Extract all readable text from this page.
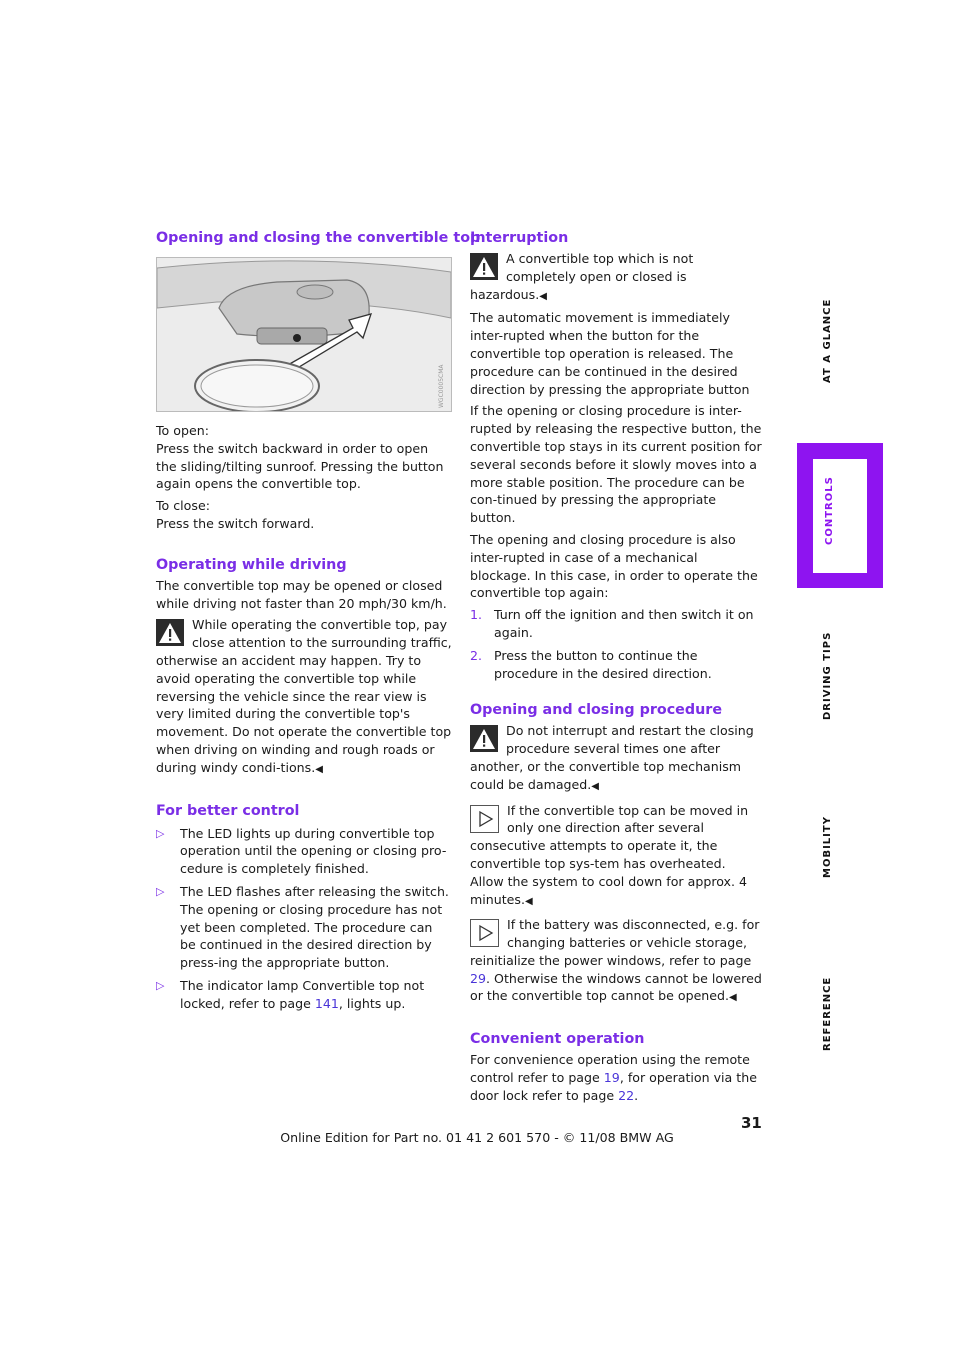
Opening and closing the convertible top
WGC0005CMA

To open:

Press the switch backward in order to open the sliding/tilting sunroof. Pressing the button again opens the convertible top.

To close:

Press the switch forward.

Operating while driving

The convertible top may be opened or closed while driving not faster than 20 mph/30 km/h.

While operating the convertible top, pay close attention to the surrounding traffic, otherwise an accident may happen. Try to avoid operating the convertible top while reversing the vehicle since the rear view is very limited during the convertible top's movement. Do not operate the convertible top when driving on winding and rough roads or during windy condi-tions.◀
For better control
▷ The LED lights up during convertible top operation until the opening or closing pro-cedure is completely finished.
▷ The LED flashes after releasing the switch. The opening or closing procedure has not yet been completed. The procedure can be continued in the desired direction by press-ing the appropriate button.
▷ The indicator lamp Convertible top not locked, refer to page 141, lights up.
Interruption
A convertible top which is not completely open or closed is hazardous.◀

The automatic movement is immediately inter-rupted when the button for the convertible top operation is released. The procedure can be continued in the desired direction by pressing the appropriate button

If the opening or closing procedure is inter-rupted by releasing the respective button, the convertible top stays in its current position for several seconds before it slowly moves into a more stable position. The procedure can be con-tinued by pressing the appropriate button.

The opening and closing procedure is also inter-rupted in case of a mechanical blockage. In this case, in order to operate the convertible top again:

1. Turn off the ignition and then switch it on again.
2. Press the button to continue the procedure in the desired direction.
Opening and closing procedure
Do not interrupt and restart the closing procedure several times one after another, or the convertible top mechanism could be damaged.◀
If the convertible top can be moved in only one direction after several consecutive attempts to operate it, the convertible top sys-tem has overheated. Allow the system to cool down for approx. 4 minutes.◀
If the battery was disconnected, e.g. for changing batteries or vehicle storage, reinitialize the power windows, refer to page 29. Otherwise the windows cannot be lowered or the convertible top cannot be opened.◀
Convenient operation

For convenience operation using the remote control refer to page 19, for operation via the door lock refer to page 22.

AT A GLANCE
CONTROLS
DRIVING TIPS
MOBILITY
REFERENCE
31
Online Edition for Part no. 01 41 2 601 570 - © 11/08 BMW AG
